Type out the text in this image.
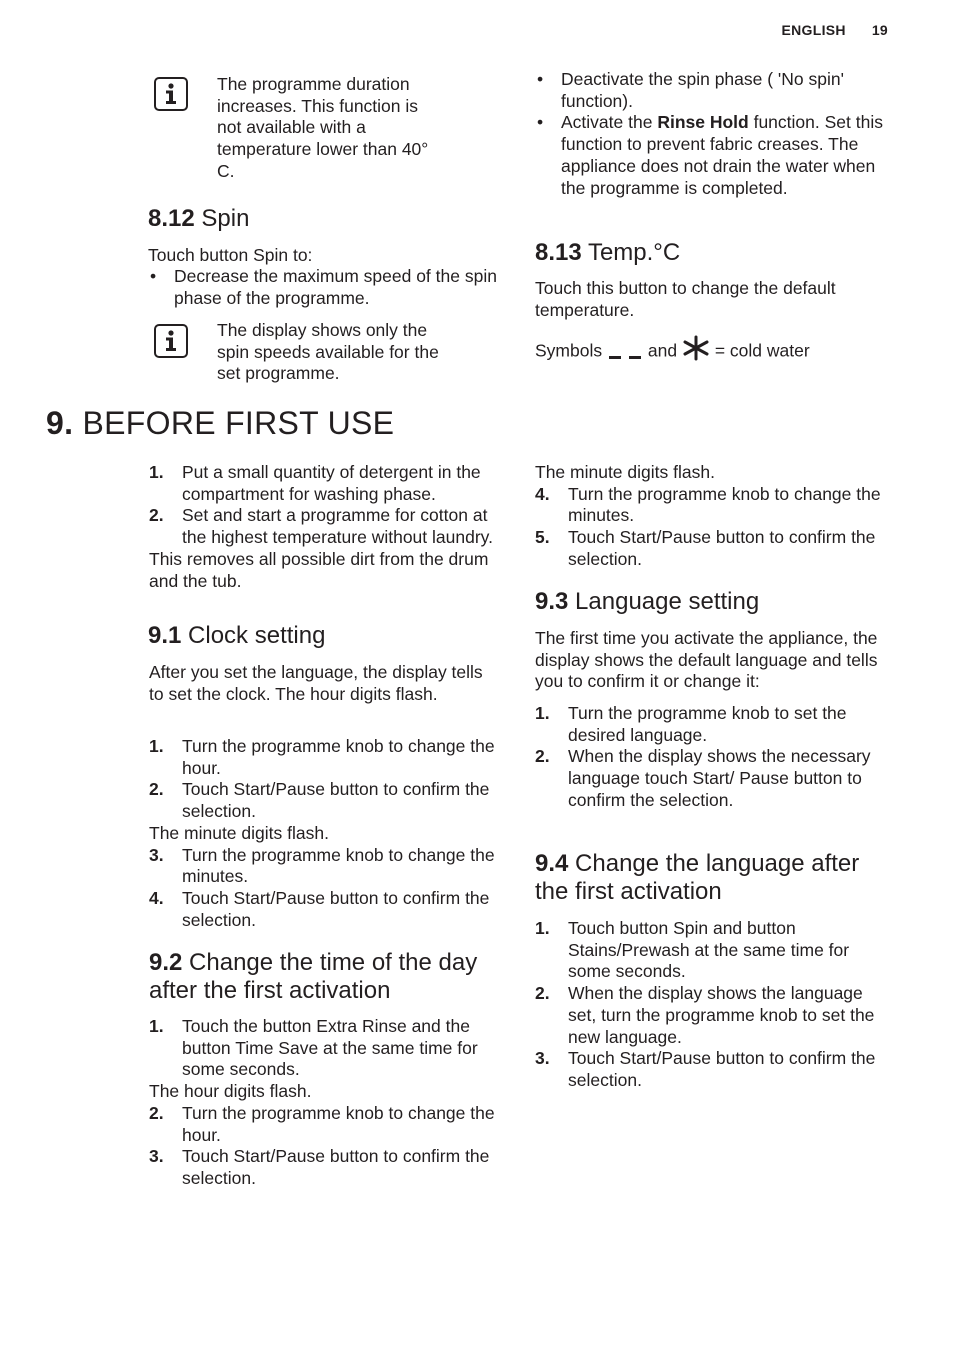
ENGLISH 19

The programme duration increases. This function is not available with a temperature lower than 40° C.

8.12 Spin

Touch button Spin to:

• Decrease the maximum speed of the spin phase of the programme.

The display shows only the spin speeds available for the set programme.

• Deactivate the spin phase ( 'No spin' function).
• Activate the Rinse Hold function. Set this function to prevent fabric creases. The appliance does not drain the water when the programme is completed.
8.13 Temp.°C

Touch this button to change the default temperature.

Symbols	and = cold water
9. BEFORE FIRST USE
1. Put a small quantity of detergent in the compartment for washing phase.
2. Set and start a programme for cotton at the highest temperature without laundry.

This removes all possible dirt from the drum and the tub.

9.1 Clock setting

After you set the language, the display tells to set the clock. The hour digits flash.

1. Turn the programme knob to change the hour.
2. Touch Start/Pause button to confirm the selection.

The minute digits flash.

3. Turn the programme knob to change the minutes.
4. Touch Start/Pause button to confirm the selection.
9.2 Change the time of the day after the first activation
1. Touch the button Extra Rinse and the button Time Save at the same time for some seconds.

The hour digits flash.

2. Turn the programme knob to change the hour.
3. Touch Start/Pause button to confirm the selection.

The minute digits flash.

4. Turn the programme knob to change the minutes.
5. Touch Start/Pause button to confirm the selection.
9.3 Language setting

The first time you activate the appliance, the display shows the default language and tells you to confirm it or change it:

1. Turn the programme knob to set the desired language.
2. When the display shows the necessary language touch Start/ Pause button to confirm the selection.
9.4 Change the language after the first activation
1. Touch button Spin and button Stains/Prewash at the same time for some seconds.
2. When the display shows the language set, turn the programme knob to set the new language.
3. Touch Start/Pause button to confirm the selection.
